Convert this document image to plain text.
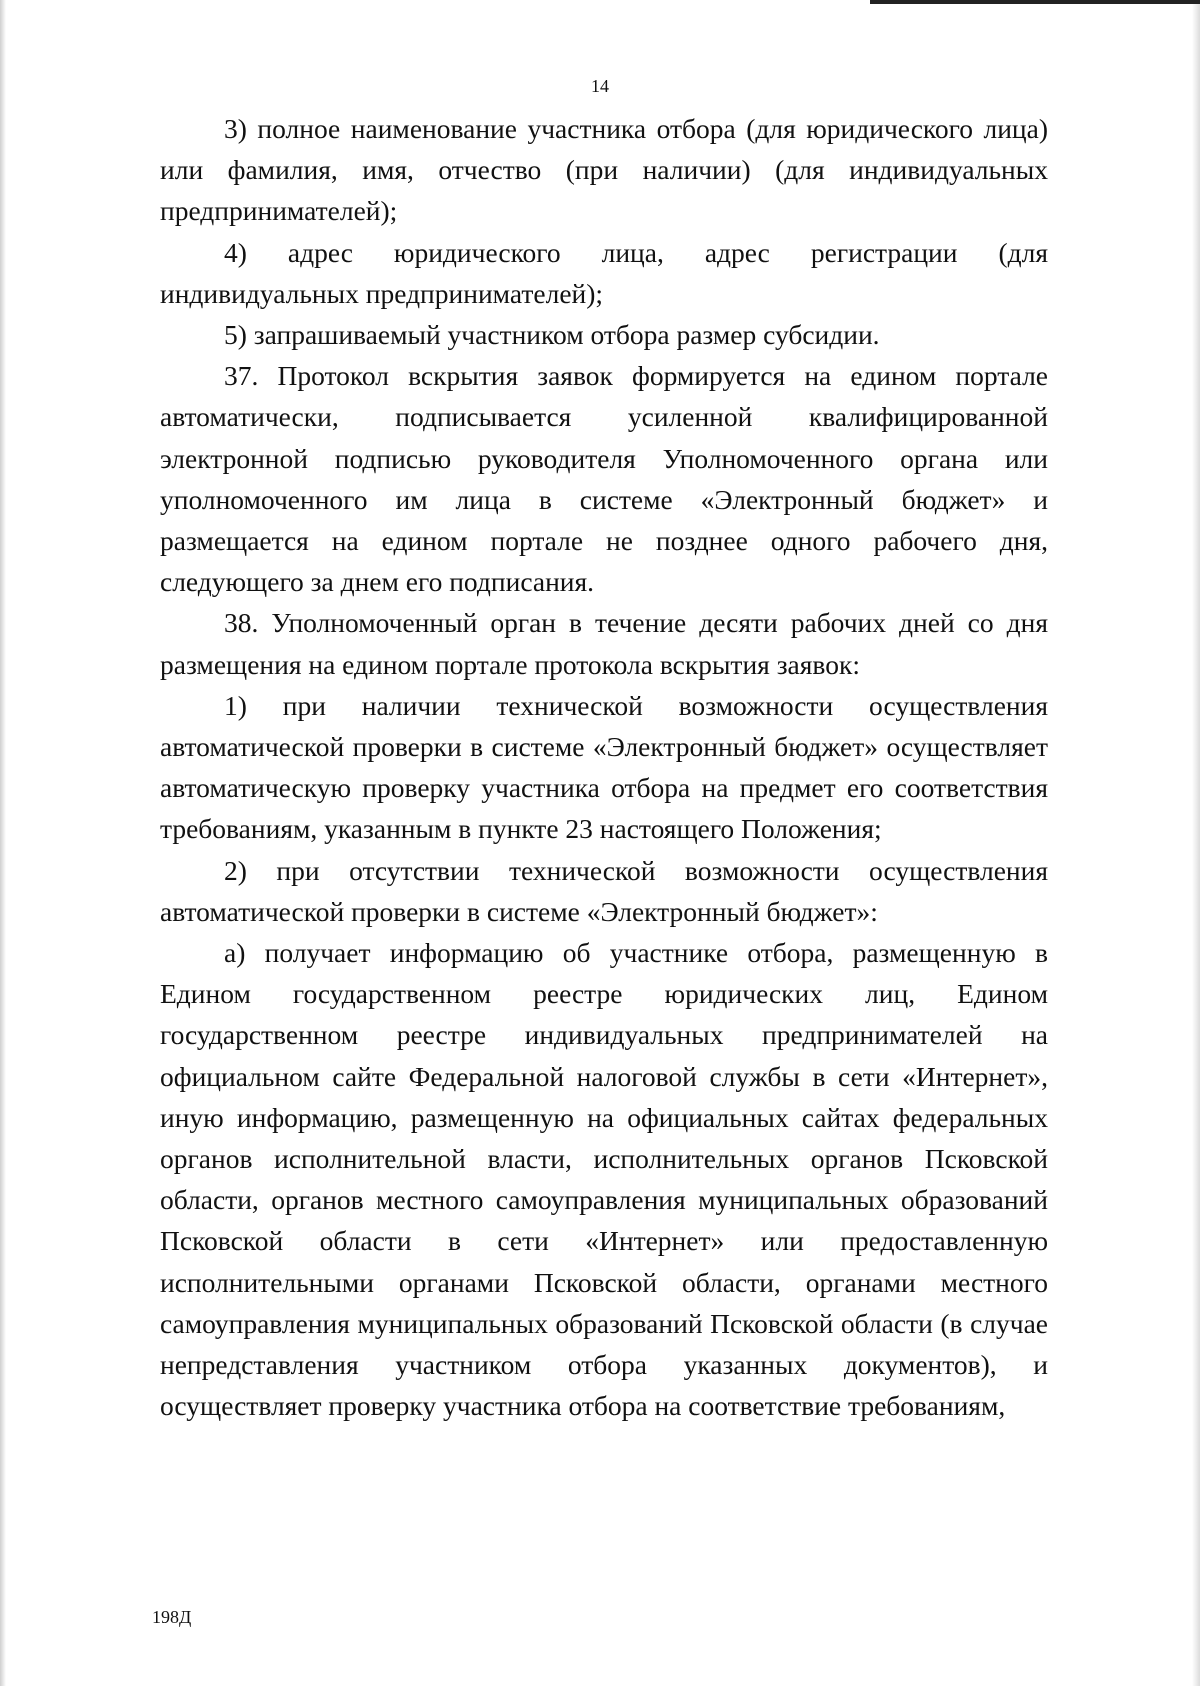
14

3) полное наименование участника отбора (для юридического лица) или фамилия, имя, отчество (при наличии) (для индивидуальных предпринимателей);

4) адрес юридического лица, адрес регистрации (для индивидуальных предпринимателей);

5) запрашиваемый участником отбора размер субсидии.

37. Протокол вскрытия заявок формируется на едином портале автоматически, подписывается усиленной квалифицированной электронной подписью руководителя Уполномоченного органа или уполномоченного им лица в системе «Электронный бюджет» и размещается на едином портале не позднее одного рабочего дня, следующего за днем его подписания.

38. Уполномоченный орган в течение десяти рабочих дней со дня размещения на едином портале протокола вскрытия заявок:

1) при наличии технической возможности осуществления автоматической проверки в системе «Электронный бюджет» осуществляет автоматическую проверку участника отбора на предмет его соответствия требованиям, указанным в пункте 23 настоящего Положения;

2) при отсутствии технической возможности осуществления автоматической проверки в системе «Электронный бюджет»:

а) получает информацию об участнике отбора, размещенную в Едином государственном реестре юридических лиц, Едином государственном реестре индивидуальных предпринимателей на официальном сайте Федеральной налоговой службы в сети «Интернет», иную информацию, размещенную на официальных сайтах федеральных органов исполнительной власти, исполнительных органов Псковской области, органов местного самоуправления муниципальных образований Псковской области в сети «Интернет» или предоставленную исполнительными органами Псковской области, органами местного самоуправления муниципальных образований Псковской области (в случае непредставления участником отбора указанных документов), и осуществляет проверку участника отбора на соответствие требованиям,

198Д
